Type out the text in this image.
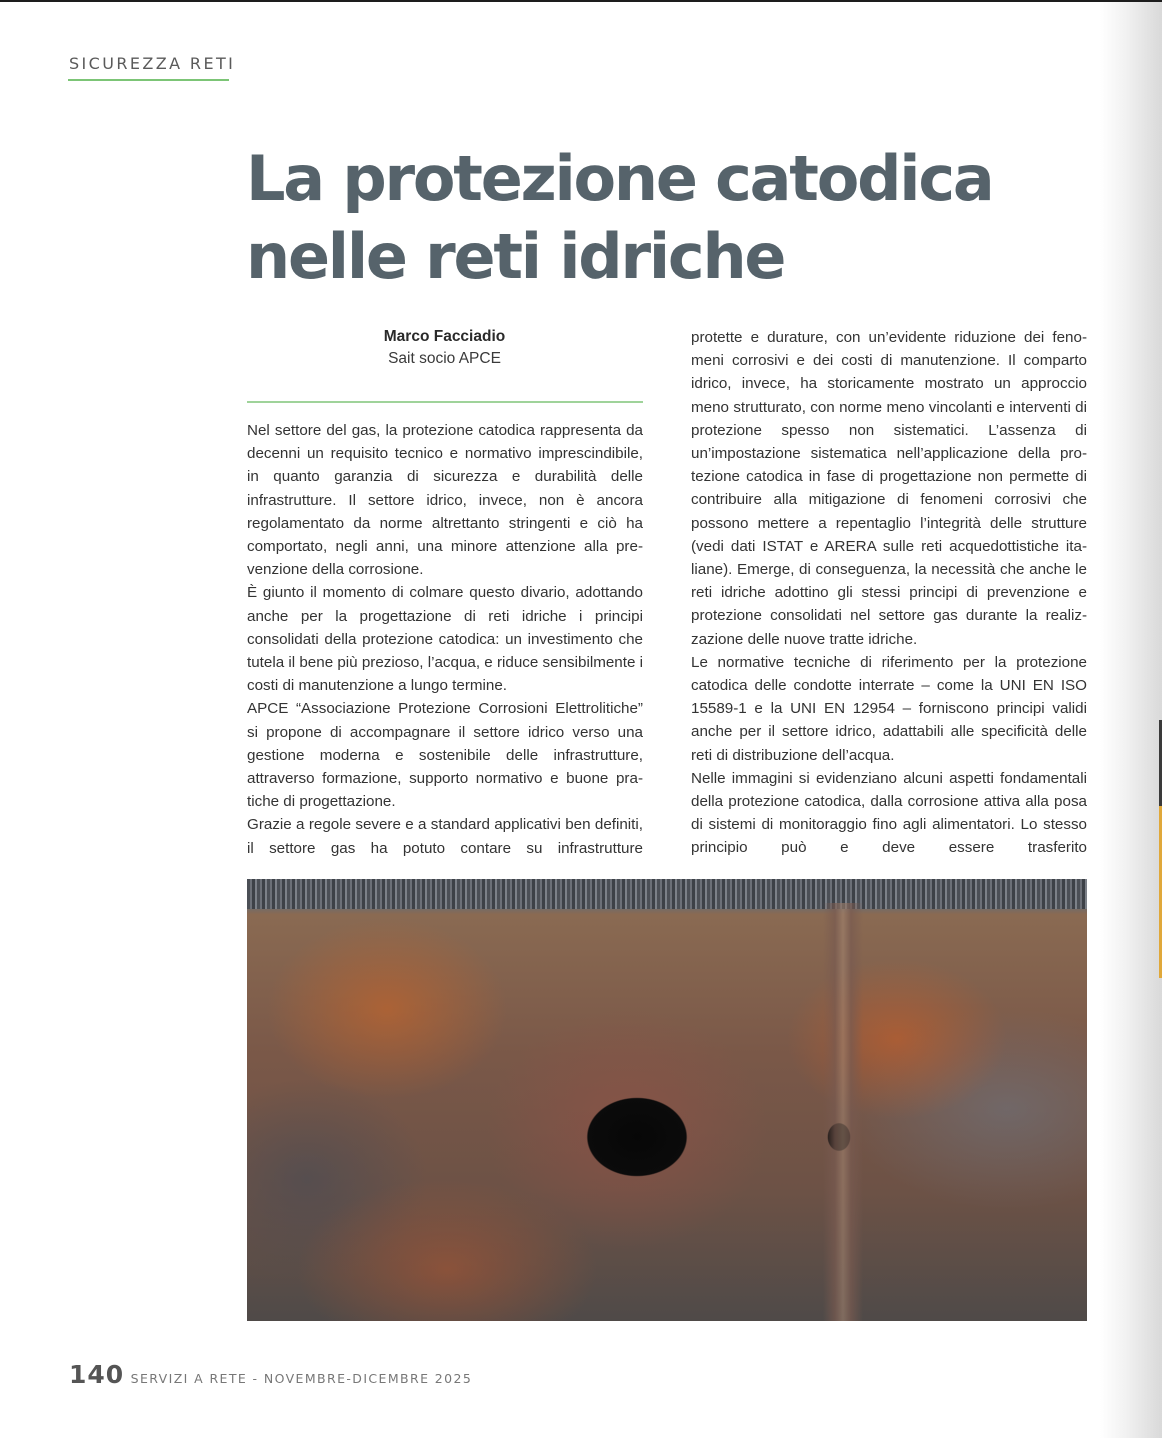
SICUREZZA RETI
La protezione catodica
nelle reti idriche
Marco Facciadio
Sait socio APCE

Nel settore del gas, la protezione catodica rappresenta da decenni un requisito tecnico e normativo imprescindibile, in quanto garanzia di sicurezza e durabilità delle infrastrutture. Il settore idrico, invece, non è ancora regolamentato da norme altrettanto stringenti e ciò ha comportato, negli anni, una minore attenzione alla prevenzione della corrosione.

È giunto il momento di colmare questo divario, adottando anche per la progettazione di reti idriche i principi consolidati della protezione catodica: un investimento che tutela il bene più prezioso, l’acqua, e riduce sensibilmente i costi di manutenzione a lungo termine.

APCE “Associazione Protezione Corrosioni Elettrolitiche” si propone di accompagnare il settore idrico verso una gestione moderna e sostenibile delle infrastrutture, attraverso formazione, supporto normativo e buone pratiche di progettazione.

Grazie a regole severe e a standard applicativi ben definiti, il settore gas ha potuto contare su infrastrutture

protette e durature, con un’evidente riduzione dei fenomeni corrosivi e dei costi di manutenzione. Il comparto idrico, invece, ha storicamente mostrato un approccio meno strutturato, con norme meno vincolanti e interventi di protezione spesso non sistematici. L’assenza di un’impostazione sistematica nell’applicazione della protezione catodica in fase di progettazione non permette di contribuire alla mitigazione di fenomeni corrosivi che possono mettere a repentaglio l’integrità delle strutture (vedi dati ISTAT e ARERA sulle reti acquedottistiche italiane). Emerge, di conseguenza, la necessità che anche le reti idriche adottino gli stessi principi di prevenzione e protezione consolidati nel settore gas durante la realizzazione delle nuove tratte idriche.

Le normative tecniche di riferimento per la protezione catodica delle condotte interrate – come la UNI EN ISO 15589-1 e la UNI EN 12954 – forniscono principi validi anche per il settore idrico, adattabili alle specificità delle reti di distribuzione dell’acqua.

Nelle immagini si evidenziano alcuni aspetti fondamentali della protezione catodica, dalla corrosione attiva alla posa di sistemi di monitoraggio fino agli alimentatori. Lo stesso principio può e deve essere trasferito

140 SERVIZI A RETE - NOVEMBRE-DICEMBRE 2025
